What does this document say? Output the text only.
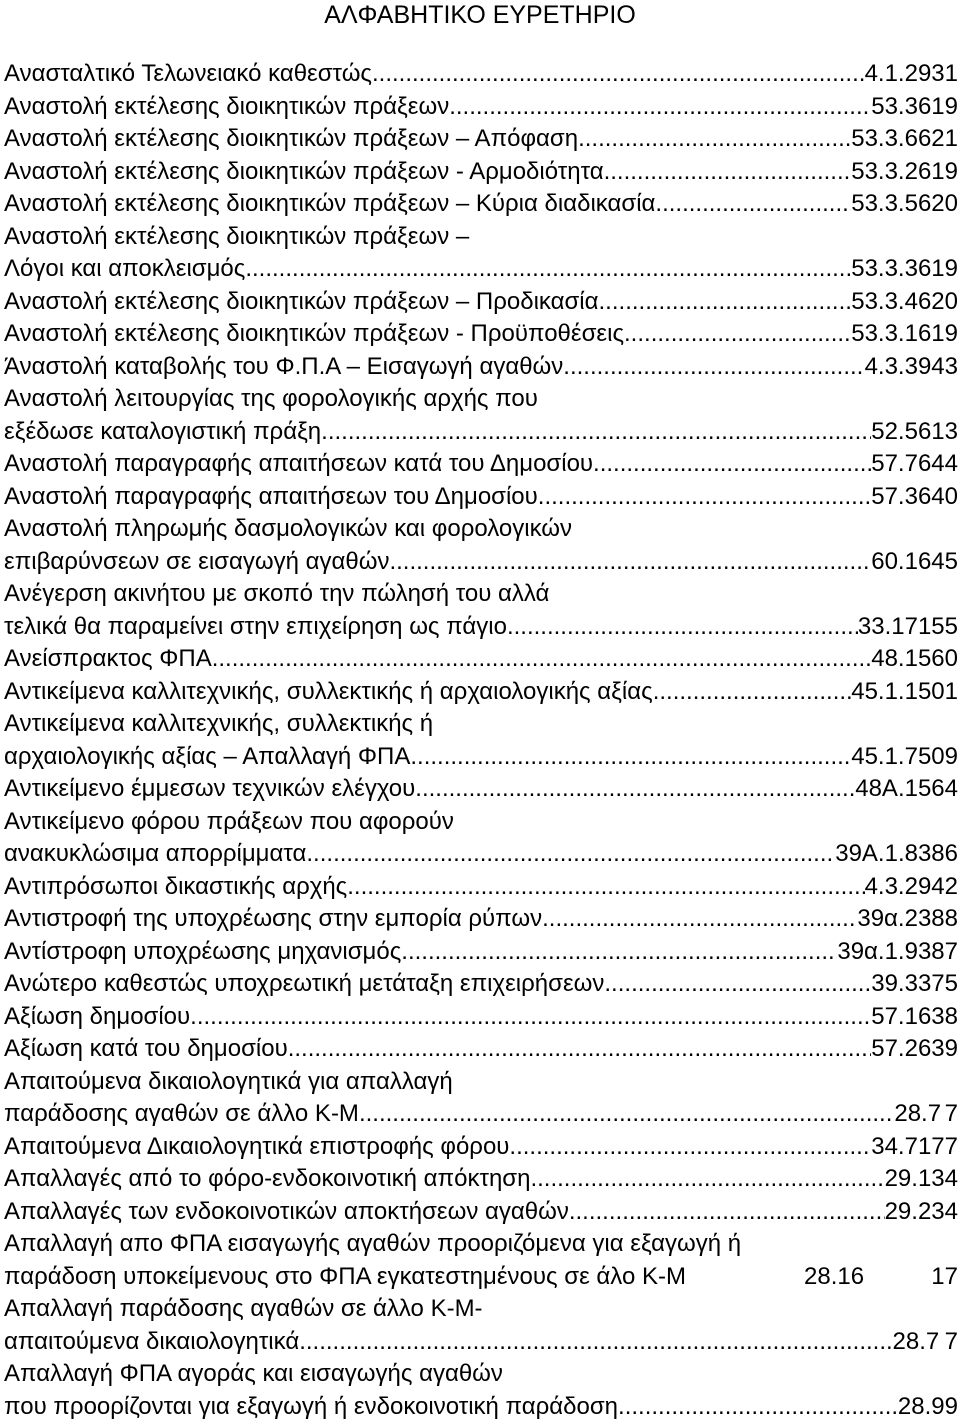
ΑΛΦΑΒΗΤΙΚΟ ΕΥΡΕΤΗΡΙΟ
Ανασταλτικό Τελωνειακό καθεστώς .....	4.1.2 931
Αναστολή εκτέλεσης διοικητικών πράξεων .....	53.3 619
Αναστολή εκτέλεσης διοικητικών πράξεων – Απόφαση .....	53.3.6 621
Αναστολή εκτέλεσης διοικητικών πράξεων - Αρμοδιότητα .....	53.3.2 619
Αναστολή εκτέλεσης διοικητικών πράξεων – Κύρια διαδικασία .....	53.3.5 620
Αναστολή εκτέλεσης διοικητικών πράξεων –
Λόγοι και αποκλεισμός .....	53.3.3 619
Αναστολή εκτέλεσης διοικητικών πράξεων – Προδικασία .....	53.3.4 620
Αναστολή εκτέλεσης διοικητικών πράξεων - Προϋποθέσεις .....	53.3.1 619
Άναστολή καταβολής του Φ.Π.Α – Εισαγωγή αγαθών .....	4.3.3 943
Αναστολή λειτουργίας της φορολογικής αρχής που
εξέδωσε καταλογιστική πράξη .....	52.5 613
Αναστολή παραγραφής απαιτήσεων κατά του Δημοσίου .....	57.7 644
Αναστολή παραγραφής απαιτήσεων του Δημοσίου .....	57.3 640
Αναστολή πληρωμής δασμολογικών και φορολογικών
επιβαρύνσεων σε εισαγωγή αγαθών .....	60.1 645
Ανέγερση ακινήτου με σκοπό την πώλησή του αλλά
τελικά θα παραμείνει στην επιχείρηση ως πάγιο .....	33.17 155
Ανείσπρακτος ΦΠΑ .....	48.1 560
Αντικείμενα καλλιτεχνικής, συλλεκτικής ή αρχαιολογικής αξίας .....	45.1.1 501
Αντικείμενα καλλιτεχνικής, συλλεκτικής ή
αρχαιολογικής αξίας – Απαλλαγή ΦΠΑ .....	45.1.7 509
Αντικείμενο έμμεσων τεχνικών ελέγχου .....	48Α.1 564
Αντικείμενο φόρου πράξεων που αφορούν
ανακυκλώσιμα απορρίμματα .....	39Α.1.8 386
Αντιπρόσωποι δικαστικής αρχής .....	4.3.2 942
Αντιστροφή της υποχρέωσης στην εμπορία ρύπων .....	39α.2 388
Αντίστροφη υποχρέωσης μηχανισμός .....	39α.1.9 387
Ανώτερο καθεστώς υποχρεωτική μετάταξη επιχειρήσεων .....	39.3 375
Αξίωση δημοσίου .....	57.1 638
Αξίωση κατά του δημοσίου .....	57.2 639
Απαιτούμενα δικαιολογητικά για απαλλαγή
παράδοσης αγαθών σε άλλο Κ-Μ .....	28.7 7
Απαιτούμενα Δικαιολογητικά επιστροφής φόρου .....	34.7 177
Απαλλαγές από το φόρο-ενδοκοινοτική απόκτηση .....	29.1 34
Απαλλαγές των ενδοκοινοτικών αποκτήσεων αγαθών .....	29.2 34
Απαλλαγή απο ΦΠΑ εισαγωγής αγαθών προοριζόμενα για εξαγωγή ή
παράδοση υποκείμενους στο ΦΠΑ εγκατεστημένους σε άλο Κ-Μ	28.16	17
Απαλλαγή παράδοσης αγαθών σε άλλο Κ-Μ-
απαιτούμενα δικαιολογητικά .....	28.7 7
Απαλλαγή ΦΠΑ αγοράς και εισαγωγής αγαθών
που προορίζονται για εξαγωγή ή ενδοκοινοτική παράδοση .....	28.9 9
